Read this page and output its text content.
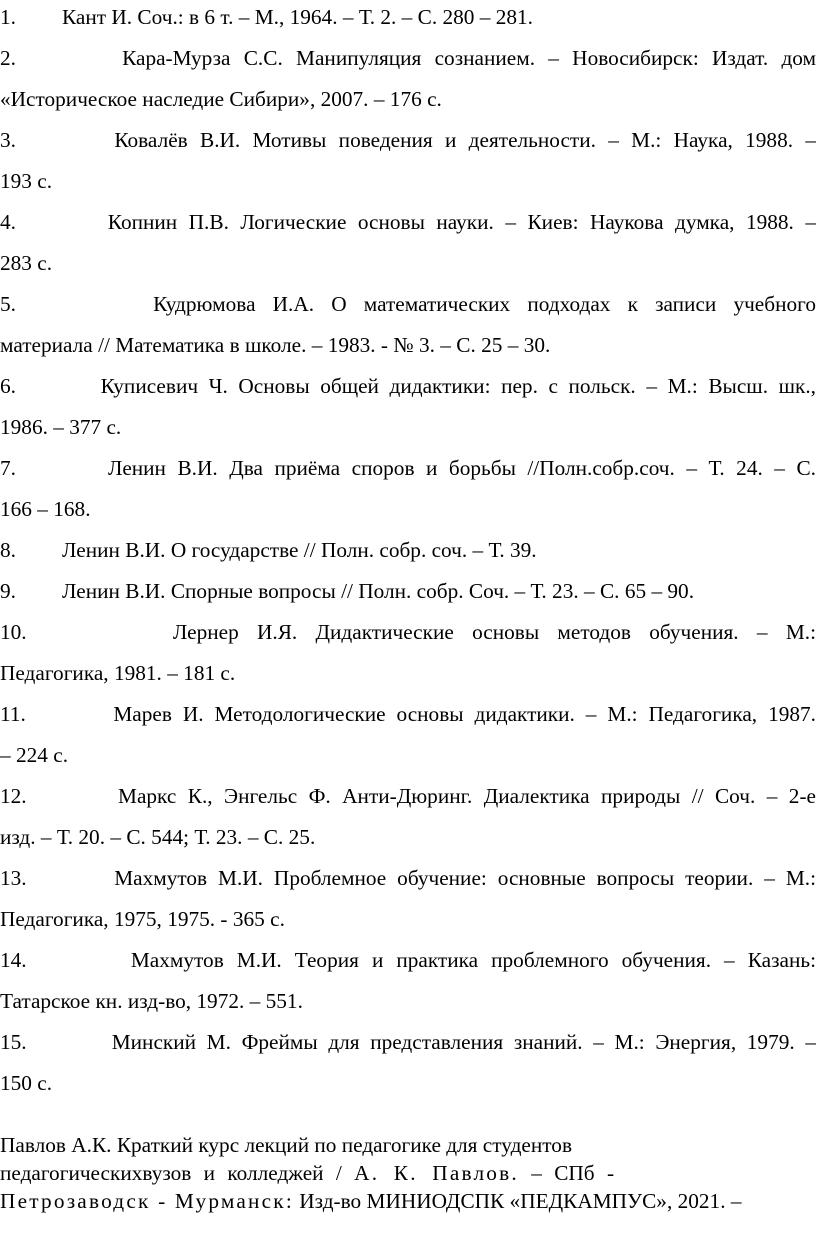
1. Кант И. Соч.: в 6 т. – М., 1964. – Т. 2. – С. 280 – 281.
2.        Кара-Мурза С.С. Манипуляция сознанием. – Новосибирск: Издат. дом
«Историческое наследие Сибири», 2007. – 176 с.
3.        Ковалёв В.И. Мотивы поведения и деятельности. – М.: Наука, 1988. –
193 с.
4.        Копнин П.В. Логические основы науки. – Киев: Наукова думка, 1988. –
283 с.
5.        Кудрюмова И.А. О математических подходах к записи учебного
материала // Математика в школе. – 1983. - № 3. – С. 25 – 30.
6.        Куписевич Ч. Основы общей дидактики: пер. с польск. – М.: Высш. шк.,
1986. – 377 с.
7.        Ленин В.И. Два приёма споров и борьбы //Полн.собр.соч. – Т. 24. – С.
166 – 168.
8. Ленин В.И. О государстве // Полн. собр. соч. – Т. 39.
9. Ленин В.И. Спорные вопросы // Полн. собр. Соч. – Т. 23. – С. 65 – 90.
10.        Лернер И.Я. Дидактические основы методов обучения. – М.:
Педагогика, 1981. – 181 с.
11.        Марев И. Методологические основы дидактики. – М.: Педагогика, 1987.
– 224 с.
12.        Маркс К., Энгельс Ф. Анти-Дюринг. Диалектика природы // Соч. – 2-е
изд. – Т. 20. – С. 544; Т. 23. – С. 25.
13.        Махмутов М.И. Проблемное обучение: основные вопросы теории. – М.:
Педагогика, 1975, 1975. - 365 с.
14.        Махмутов М.И. Теория и практика проблемного обучения. – Казань:
Татарское кн. изд-во, 1972. – 551.
15.        Минский М. Фреймы для представления знаний. – М.: Энергия, 1979. –
150 с.
Павлов А.К. Краткий курс лекций по педагогике для студентов
педагогическихвузов и колледжей / А. К. Павлов. – СПб -
Петрозаводск - Мурманск: Изд-во МИНИОДСПК «ПЕДКАМПУС», 2021. –
